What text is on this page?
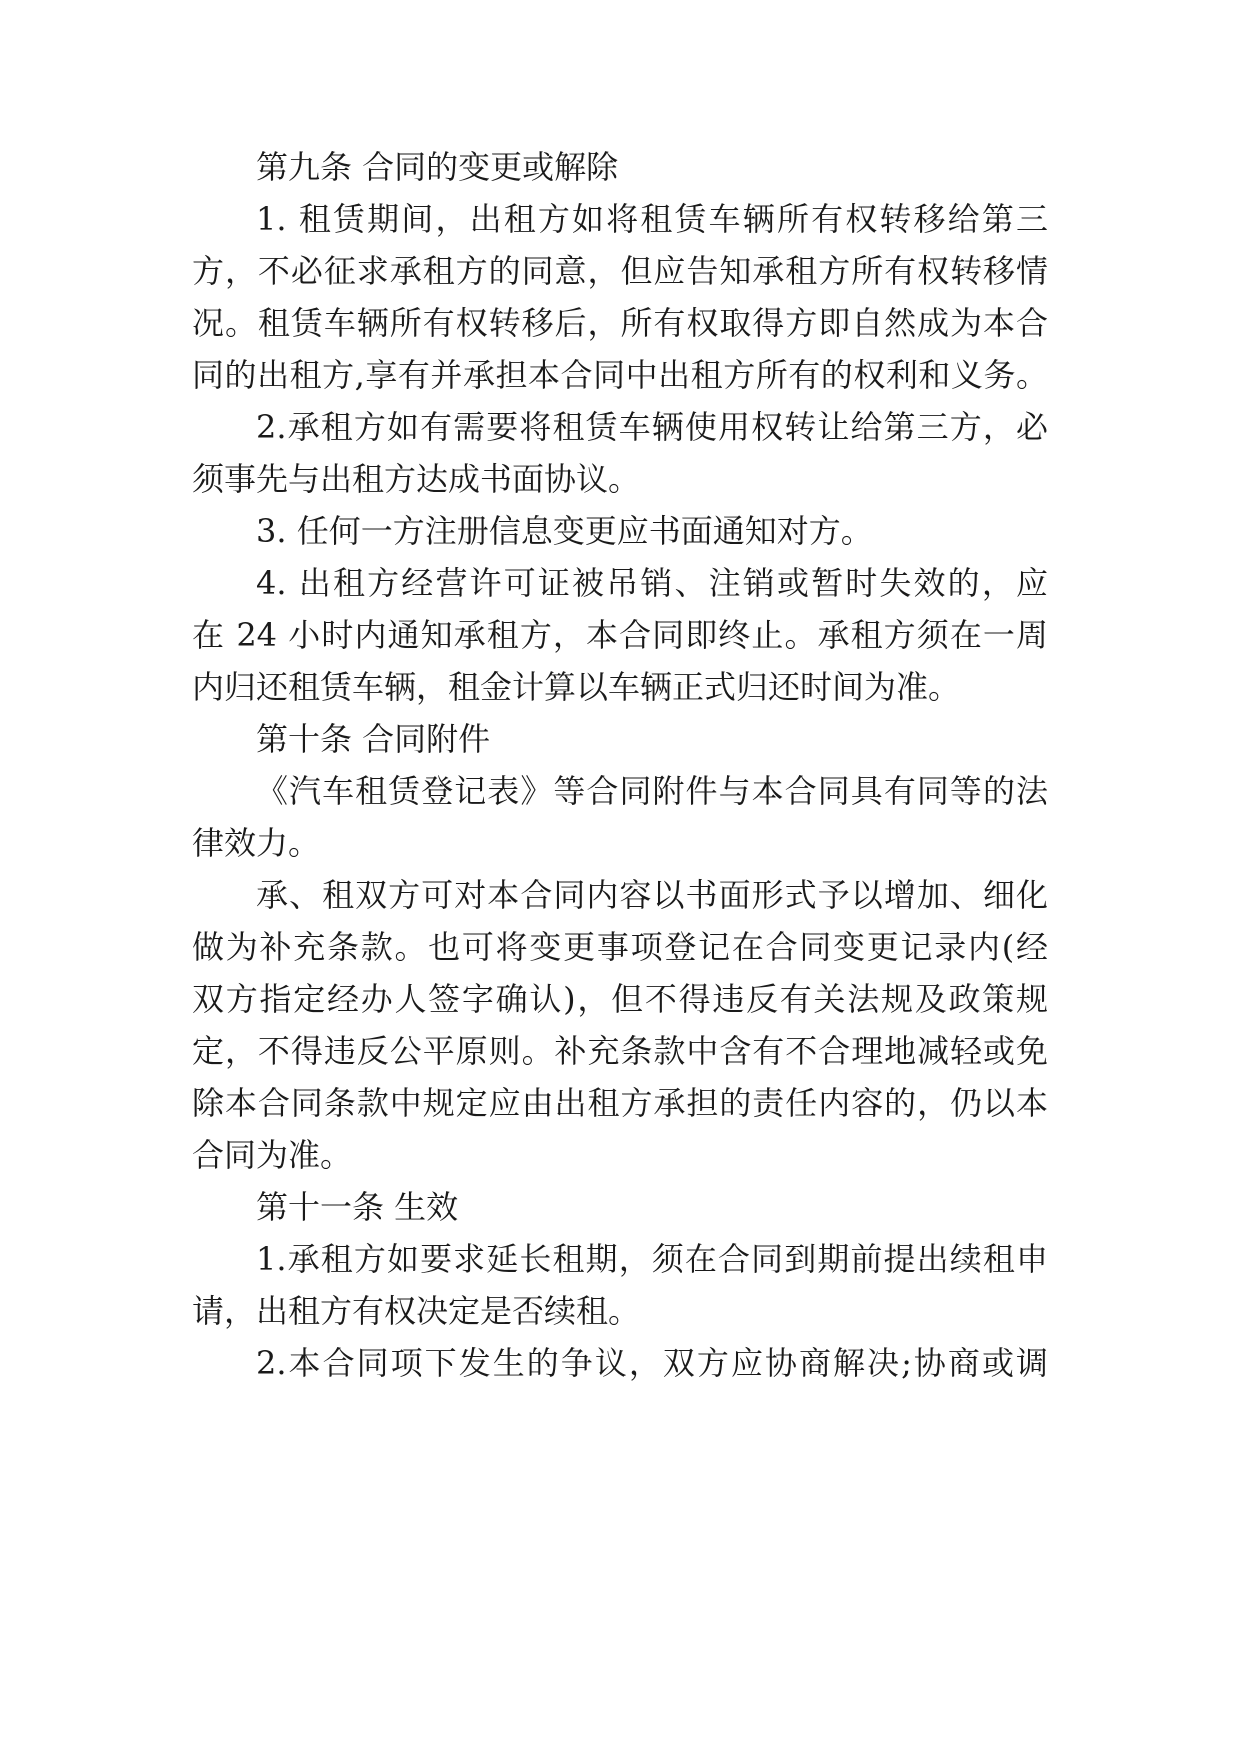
第九条 合同的变更或解除
1. 租赁期间，出租方如将租赁车辆所有权转移给第三
方，不必征求承租方的同意，但应告知承租方所有权转移情
况。租赁车辆所有权转移后，所有权取得方即自然成为本合
同的出租方,享有并承担本合同中出租方所有的权利和义务。
2.承租方如有需要将租赁车辆使用权转让给第三方，必
须事先与出租方达成书面协议。
3. 任何一方注册信息变更应书面通知对方。
4. 出租方经营许可证被吊销、注销或暂时失效的，应
在 24 小时内通知承租方，本合同即终止。承租方须在一周
内归还租赁车辆，租金计算以车辆正式归还时间为准。
第十条 合同附件
《汽车租赁登记表》等合同附件与本合同具有同等的法
律效力。
承、租双方可对本合同内容以书面形式予以增加、细化
做为补充条款。也可将变更事项登记在合同变更记录内(经
双方指定经办人签字确认)，但不得违反有关法规及政策规
定，不得违反公平原则。补充条款中含有不合理地减轻或免
除本合同条款中规定应由出租方承担的责任内容的，仍以本
合同为准。
第十一条 生效
1.承租方如要求延长租期，须在合同到期前提出续租申
请，出租方有权决定是否续租。
2.本合同项下发生的争议，双方应协商解决;协商或调
